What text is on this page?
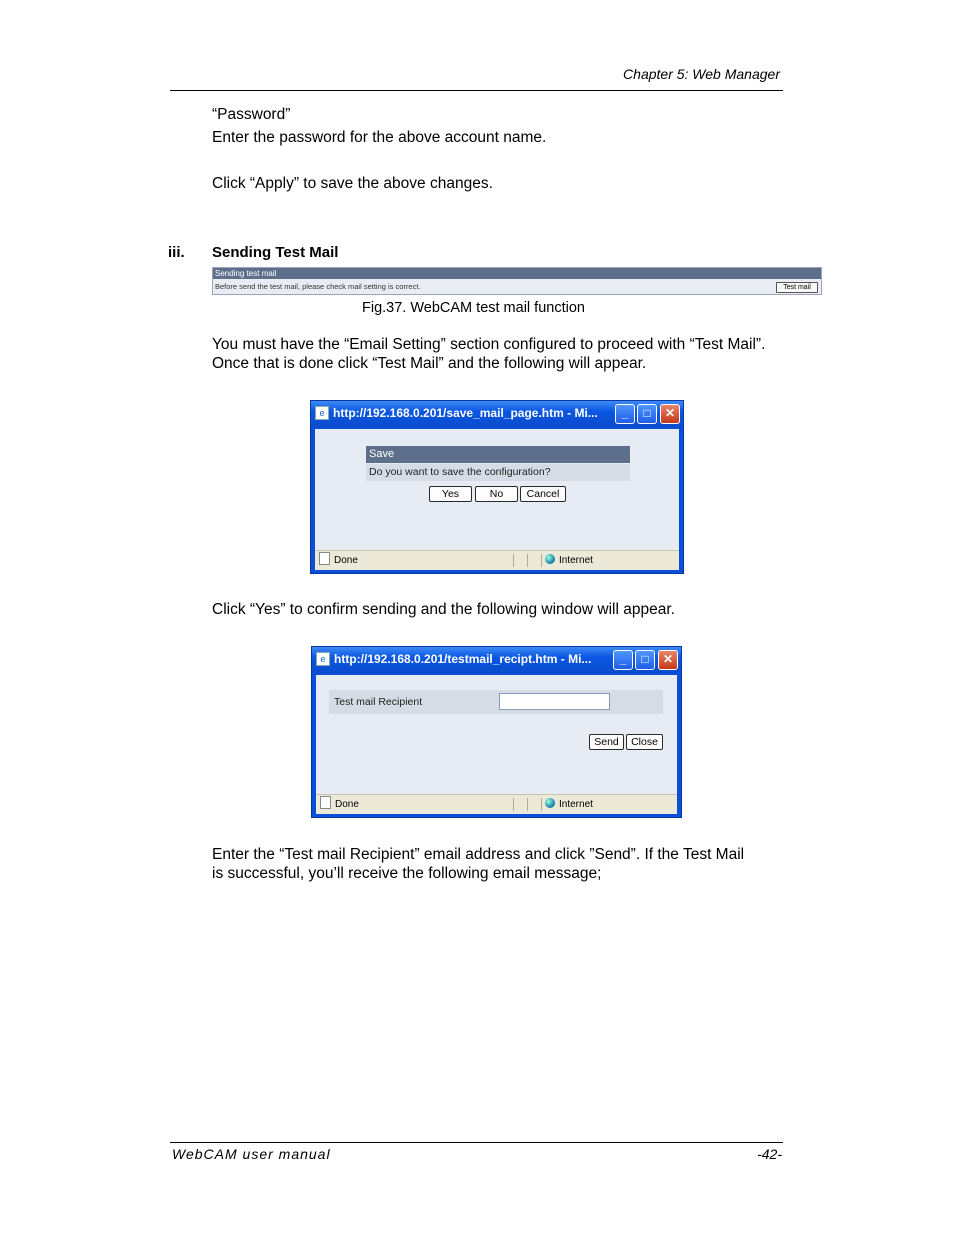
Chapter 5: Web Manager
“Password”
Enter the password for the above account name.
Click “Apply” to save the above changes.
iii. Sending Test Mail
Sending test mail
Before send the test mail, please check mail setting is correct.	Test mail
Fig.37. WebCAM test mail function
You must have the “Email Setting” section configured to proceed with “Test Mail”.
Once that is done click “Test Mail” and the following will appear.
e http://192.168.0.201/save_mail_page.htm - Mi...	_	□	✕
Save
Do you want to save the configuration?
Yes	No	Cancel
Done	Internet
Click “Yes” to confirm sending and the following window will appear.
e http://192.168.0.201/testmail_recipt.htm - Mi...	_	□	✕
Test mail Recipient
Send	Close
Done	Internet
Enter the “Test mail Recipient” email address and click ”Send”. If the Test Mail
is successful, you’ll receive the following email message;
WebCAM user manual	-42-
